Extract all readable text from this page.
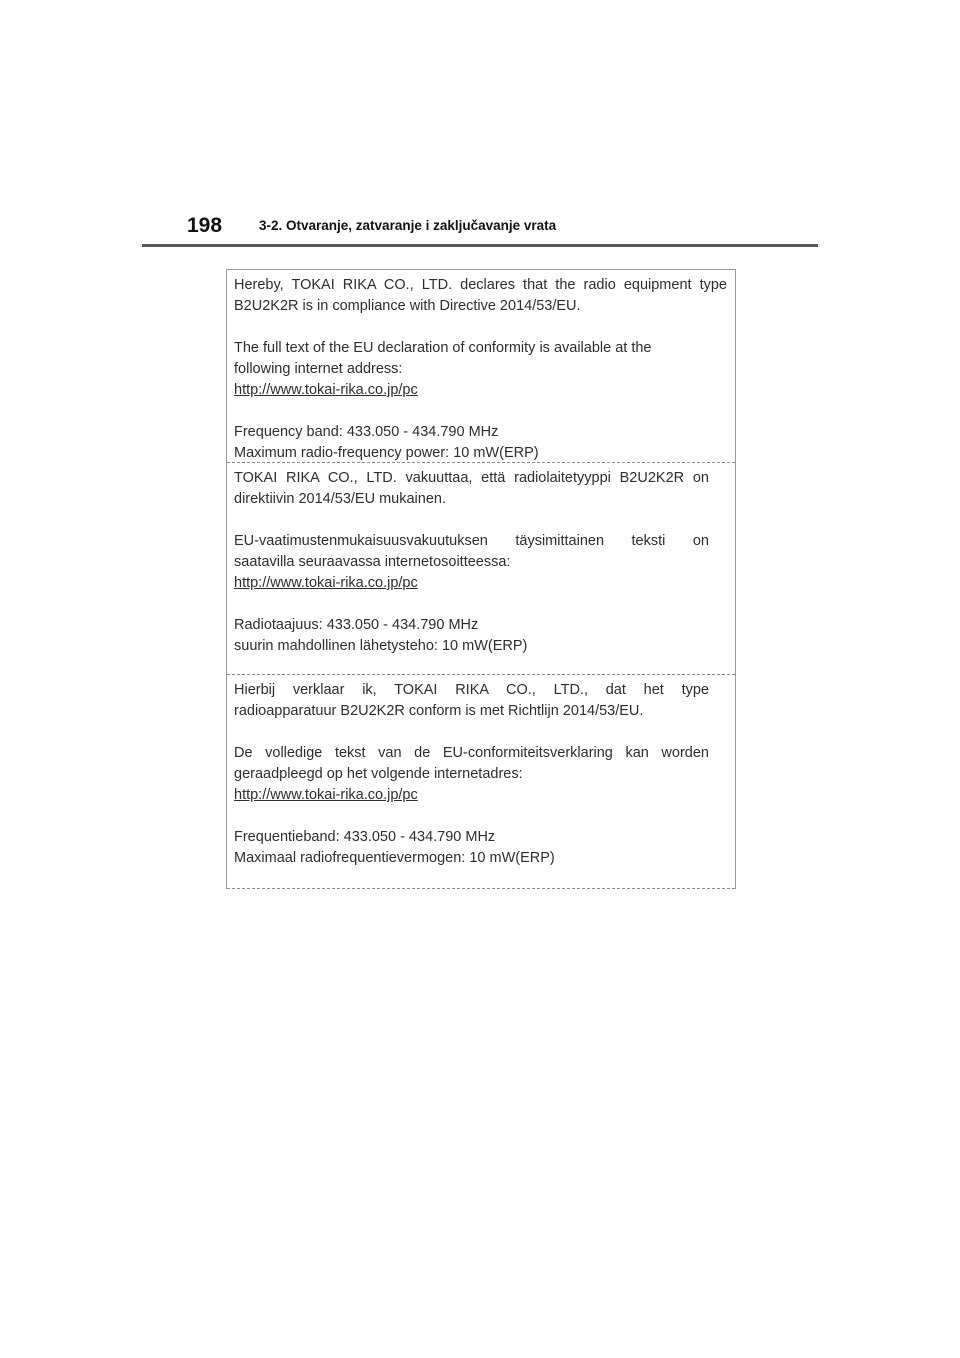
198	3-2. Otvaranje, zatvaranje i zaključavanje vrata

Hereby, TOKAI RIKA CO., LTD. declares that the radio equipment type

B2U2K2R is in compliance with Directive 2014/53/EU.

The full text of the EU declaration of conformity is available at the

following internet address:

http://www.tokai-rika.co.jp/pc

Frequency band: 433.050 - 434.790 MHz

Maximum radio-frequency power: 10 mW(ERP)

TOKAI RIKA CO., LTD. vakuuttaa, että radiolaitetyyppi B2U2K2R on

direktiivin 2014/53/EU mukainen.

EU-vaatimustenmukaisuusvakuutuksen täysimittainen teksti on

saatavilla seuraavassa internetosoitteessa:

http://www.tokai-rika.co.jp/pc

Radiotaajuus: 433.050 - 434.790 MHz

suurin mahdollinen lähetysteho: 10 mW(ERP)

Hierbij verklaar ik, TOKAI RIKA CO., LTD., dat het type

radioapparatuur B2U2K2R conform is met Richtlijn 2014/53/EU.

De volledige tekst van de EU-conformiteitsverklaring kan worden

geraadpleegd op het volgende internetadres:

http://www.tokai-rika.co.jp/pc

Frequentieband: 433.050 - 434.790 MHz

Maximaal radiofrequentievermogen: 10 mW(ERP)
